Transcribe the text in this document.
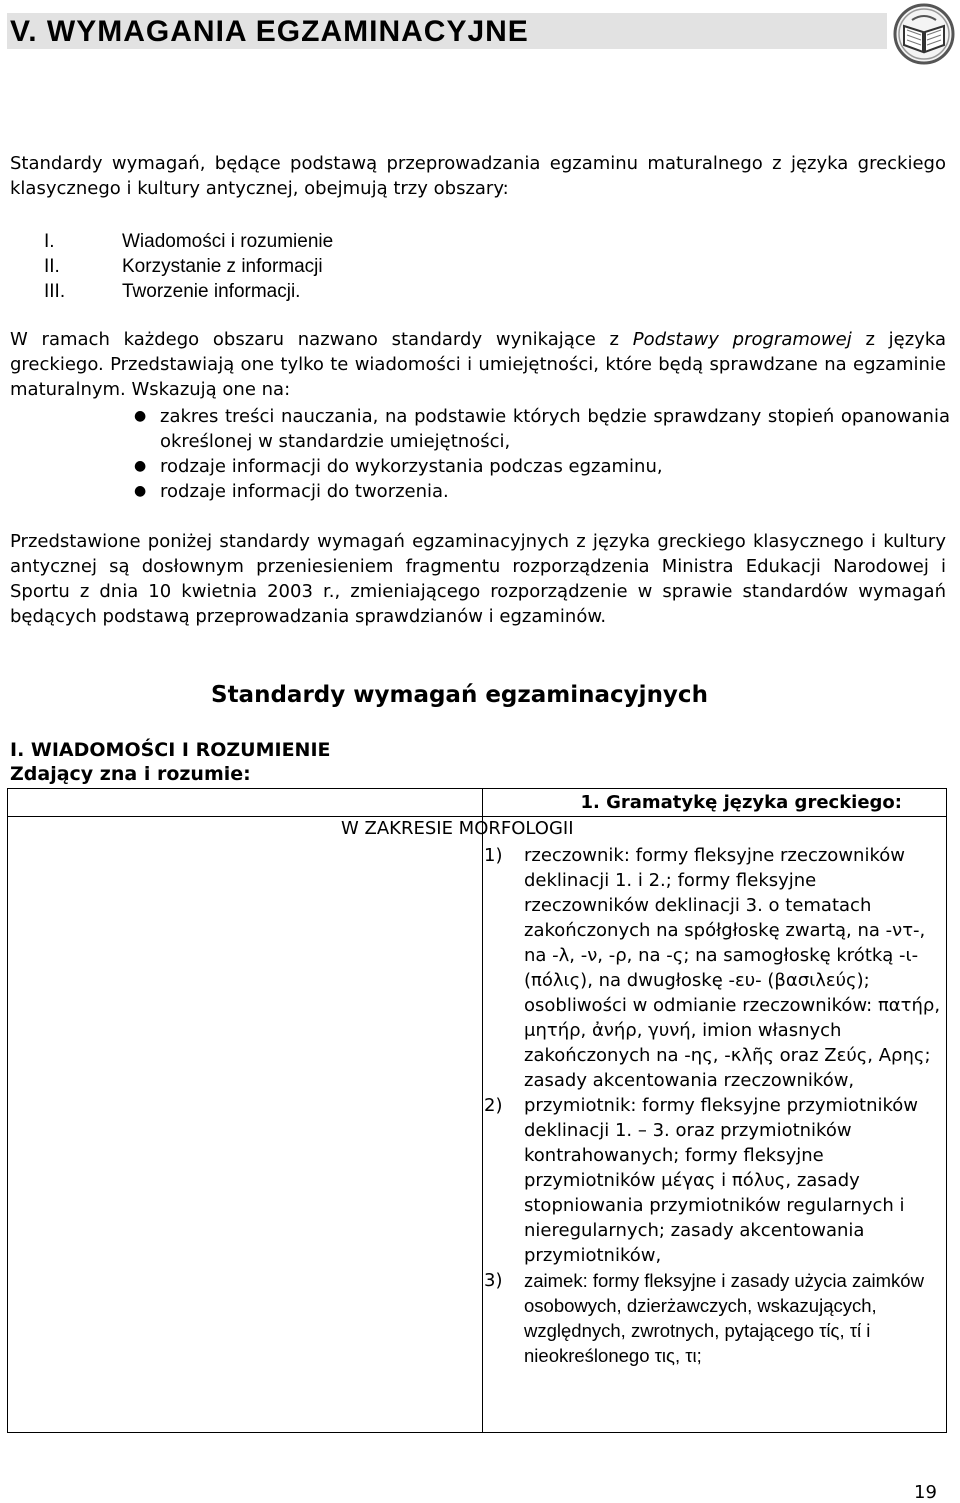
V. WYMAGANIA EGZAMINACYJNE

Standardy wymagań, będące podstawą przeprowadzania egzaminu maturalnego z języka greckiego klasycznego i kultury antycznej, obejmują trzy obszary:

I.	Wiadomości i rozumienie
II.	Korzystanie z informacji
III.	Tworzenie informacji.

W ramach każdego obszaru nazwano standardy wynikające z Podstawy programowej z języka greckiego. Przedstawiają one tylko te wiadomości i umiejętności, które będą sprawdzane na egzaminie maturalnym. Wskazują one na:

● zakres treści nauczania, na podstawie których będzie sprawdzany stopień opanowania określonej w standardzie umiejętności,
● rodzaje informacji do wykorzystania podczas egzaminu,
● rodzaje informacji do tworzenia.

Przedstawione poniżej standardy wymagań egzaminacyjnych z języka greckiego klasycznego i kultury antycznej są dosłownym przeniesieniem fragmentu rozporządzenia Ministra Edukacji Narodowej i Sportu z dnia 10 kwietnia 2003 r., zmieniającego rozporządzenie w sprawie standardów wymagań będących podstawą przeprowadzania sprawdzianów i egzaminów.

Standardy wymagań egzaminacyjnych
I. WIADOMOŚCI I ROZUMIENIE
Zdający zna i rozumie:
	1. Gramatykę języka greckiego:

W ZAKRESIE MORFOLOGII
1)	rzeczownik: formy fleksyjne rzeczowników deklinacji 1. i 2.; formy fleksyjne rzeczowników deklinacji 3. o tematach zakończonych na spółgłoskę zwartą, na -ντ-, na -λ, -ν, -ρ, na -ς; na samogłoskę krótką -ι- (πόλις), na dwugłoskę -ευ- (βασιλεύς); osobliwości w odmianie rzeczowników: πατήρ, μητήρ, ἀνήρ, γυνή, imion własnych zakończonych na -ης, -κλῆς oraz Ζεύς, Αρης; zasady akcentowania rzeczowników,
2)	przymiotnik: formy fleksyjne przymiotników deklinacji 1. – 3. oraz przymiotników kontrahowanych; formy fleksyjne przymiotników μέγας i πόλυς, zasady stopniowania przymiotników regularnych i nieregularnych; zasady akcentowania przymiotników,
3)	zaimek: formy fleksyjne i zasady użycia zaimków osobowych, dzierżawczych, wskazujących, względnych, zwrotnych, pytającego τίς, τί i nieokreślonego τις, τι;
19
